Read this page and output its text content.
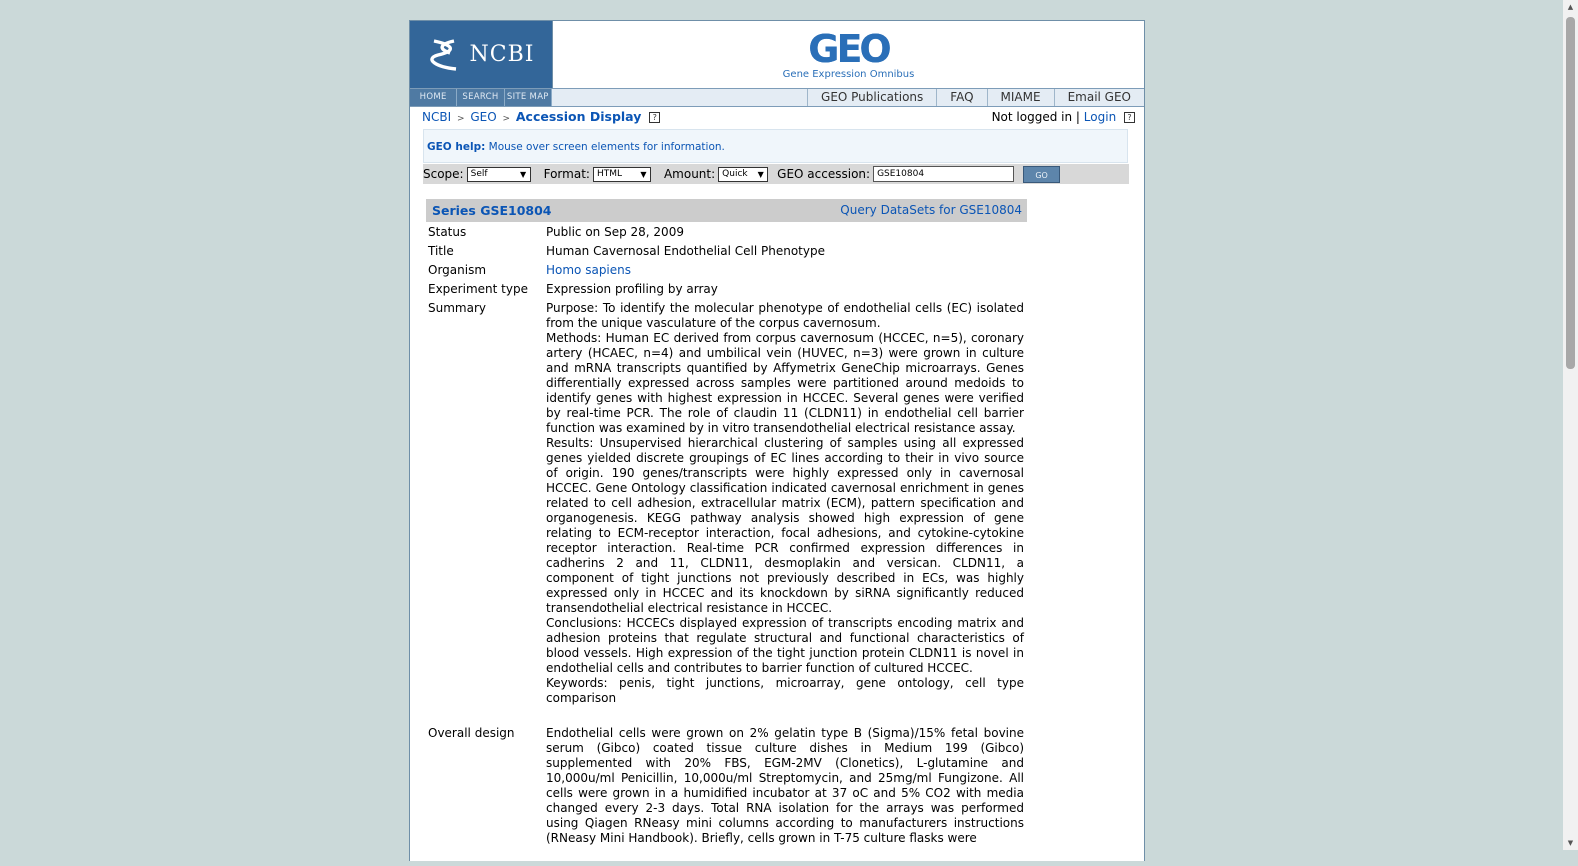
NCBI	GEO
Gene Expression Omnibus
HOME	SEARCH SITE MAP	GEO Publications	FAQ	MIAME	Email GEO
NCBI > GEO > Accession Display ?	Not logged in | Login ?
GEO help: Mouse over screen elements for information.
Scope: Self	▼ Format: HTML ▼ Amount: Quick ▼ GEO accession: GSE10804	GO
Series GSE10804	Query DataSets for GSE10804
Status	Public on Sep 28, 2009
Title	Human Cavernosal Endothelial Cell Phenotype
Organism	Homo sapiens
Experiment type	Expression profiling by array
Summary	Purpose: To identify the molecular phenotype of endothelial cells (EC) isolated from the unique vasculature of the corpus cavernosum.
Methods: Human EC derived from corpus cavernosum (HCCEC, n=5), coronary artery (HCAEC, n=4) and umbilical vein (HUVEC, n=3) were grown in culture and mRNA transcripts quantified by Affymetrix GeneChip microarrays. Genes differentially expressed across samples were partitioned around medoids to identify genes with highest expression in HCCEC. Several genes were verified by real-time PCR. The role of claudin 11 (CLDN11) in endothelial cell barrier function was examined by in vitro transendothelial electrical resistance assay.
Results: Unsupervised hierarchical clustering of samples using all expressed genes yielded discrete groupings of EC lines according to their in vivo source of origin. 190 genes/transcripts were highly expressed only in cavernosal HCCEC. Gene Ontology classification indicated cavernosal enrichment in genes related to cell adhesion, extracellular matrix (ECM), pattern specification and organogenesis. KEGG pathway analysis showed high expression of gene relating to ECM-receptor interaction, focal adhesions, and cytokine-cytokine receptor interaction. Real-time PCR confirmed expression differences in cadherins 2 and 11, CLDN11, desmoplakin and versican. CLDN11, a component of tight junctions not previously described in ECs, was highly expressed only in HCCEC and its knockdown by siRNA significantly reduced transendothelial electrical resistance in HCCEC.
Conclusions: HCCECs displayed expression of transcripts encoding matrix and adhesion proteins that regulate structural and functional characteristics of blood vessels. High expression of the tight junction protein CLDN11 is novel in endothelial cells and contributes to barrier function of cultured HCCEC.
Keywords: penis, tight junctions, microarray, gene ontology, cell type comparison
Overall design	Endothelial cells were grown on 2% gelatin type B (Sigma)/15% fetal bovine serum (Gibco) coated tissue culture dishes in Medium 199 (Gibco) supplemented with 20% FBS, EGM-2MV (Clonetics), L-glutamine and 10,000u/ml Penicillin, 10,000u/ml Streptomycin, and 25mg/ml Fungizone. All cells were grown in a humidified incubator at 37 oC and 5% CO2 with media changed every 2-3 days. Total RNA isolation for the arrays was performed using Qiagen RNeasy mini columns according to manufacturers instructions (RNeasy Mini Handbook). Briefly, cells grown in T-75 culture flasks were
▲
▼
